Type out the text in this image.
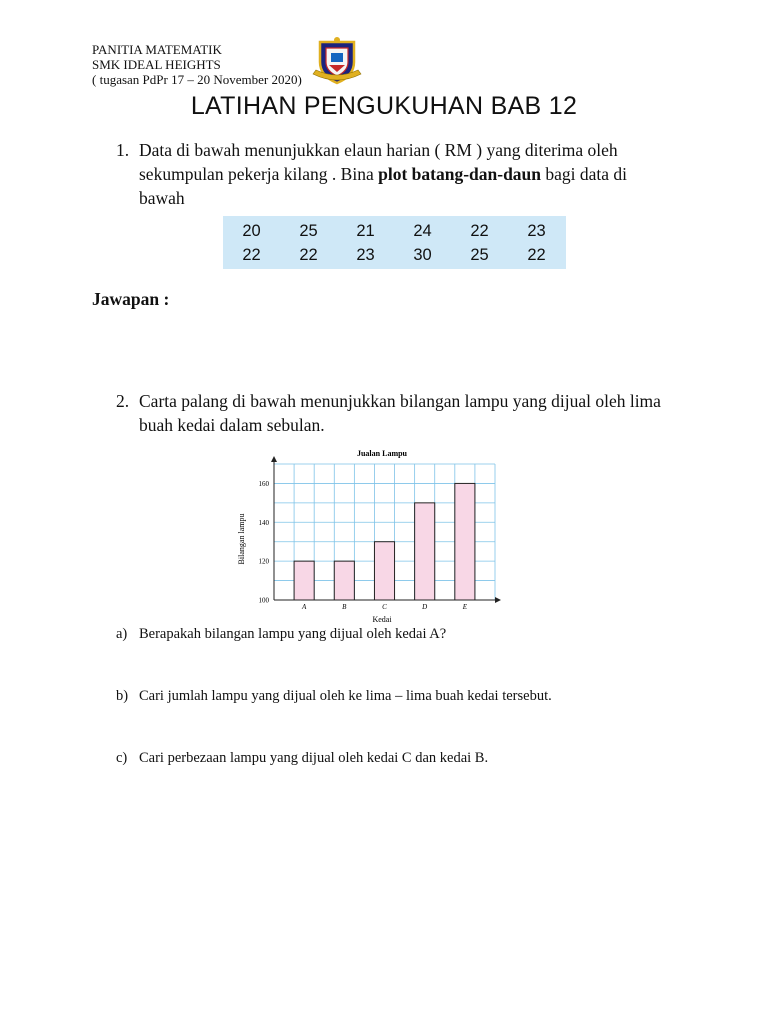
PANITIA MATEMATIK
SMK IDEAL HEIGHTS
( tugasan PdPr 17 – 20 November 2020)
LATIHAN PENGUKUHAN BAB 12
1. Data di bawah menunjukkan elaun harian ( RM ) yang diterima oleh sekumpulan pekerja kilang . Bina plot batang-dan-daun bagi data di bawah
20	25	21	24	22	23
22	22	23	30	25	22
Jawapan :
2. Carta palang di bawah menunjukkan bilangan lampu yang dijual oleh lima buah kedai dalam sebulan.
Jualan Lampu
100
120
140
160
A	B	C	D	E
Kedai
Bilangan lampu
a) Berapakah bilangan lampu yang dijual oleh kedai A?
b) Cari jumlah lampu yang dijual oleh ke lima – lima buah kedai tersebut.
c) Cari perbezaan lampu yang dijual oleh kedai C dan kedai B.
